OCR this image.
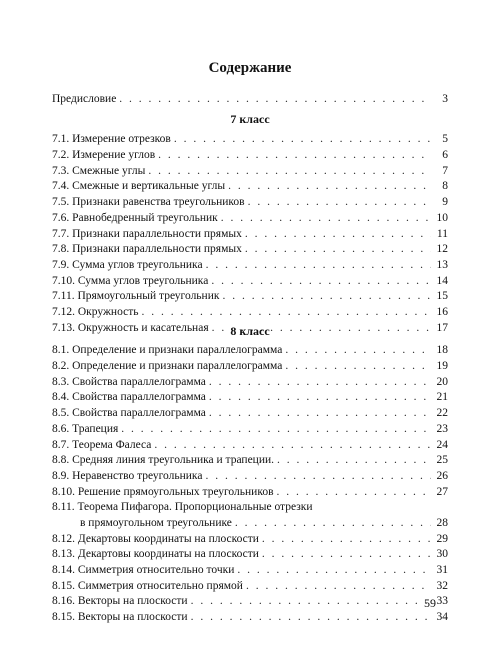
Содержание
Предисловие . . .	3
7 класс
7.1. Измерение отрезков . . .	5
7.2. Измерение углов . . .	6
7.3. Смежные углы . . .	7
7.4. Смежные и вертикальные углы . . .	8
7.5. Признаки равенства треугольников . . .	9
7.6. Равнобедренный треугольник . . .	10
7.7. Признаки параллельности прямых . . .	11
7.8. Признаки параллельности прямых . . .	12
7.9. Сумма углов треугольника . . .	13
7.10. Сумма углов треугольника . . .	14
7.11. Прямоугольный треугольник . . .	15
7.12. Окружность . . .	16
7.13. Окружность и касательная . . .	17
8 класс
8.1. Определение и признаки параллелограмма . . .	18
8.2. Определение и признаки параллелограмма . . .	19
8.3. Свойства параллелограмма . . .	20
8.4. Свойства параллелограмма . . .	21
8.5. Свойства параллелограмма . . .	22
8.6. Трапеция . . .	23
8.7. Теорема Фалеса . . .	24
8.8. Средняя линия треугольника и трапеции. . . .	25
8.9. Неравенство треугольника . . .	26
8.10. Решение прямоугольных треугольников . . .	27
8.11. Теорема Пифагора. Пропорциональные отрезки
в прямоугольном треугольнике . . .	28
8.12. Декартовы координаты на плоскости . . .	29
8.13. Декартовы координаты на плоскости . . .	30
8.14. Симметрия относительно точки . . .	31
8.15. Симметрия относительно прямой . . .	32
8.16. Векторы на плоскости . . .	33
8.15. Векторы на плоскости . . .	34
59
